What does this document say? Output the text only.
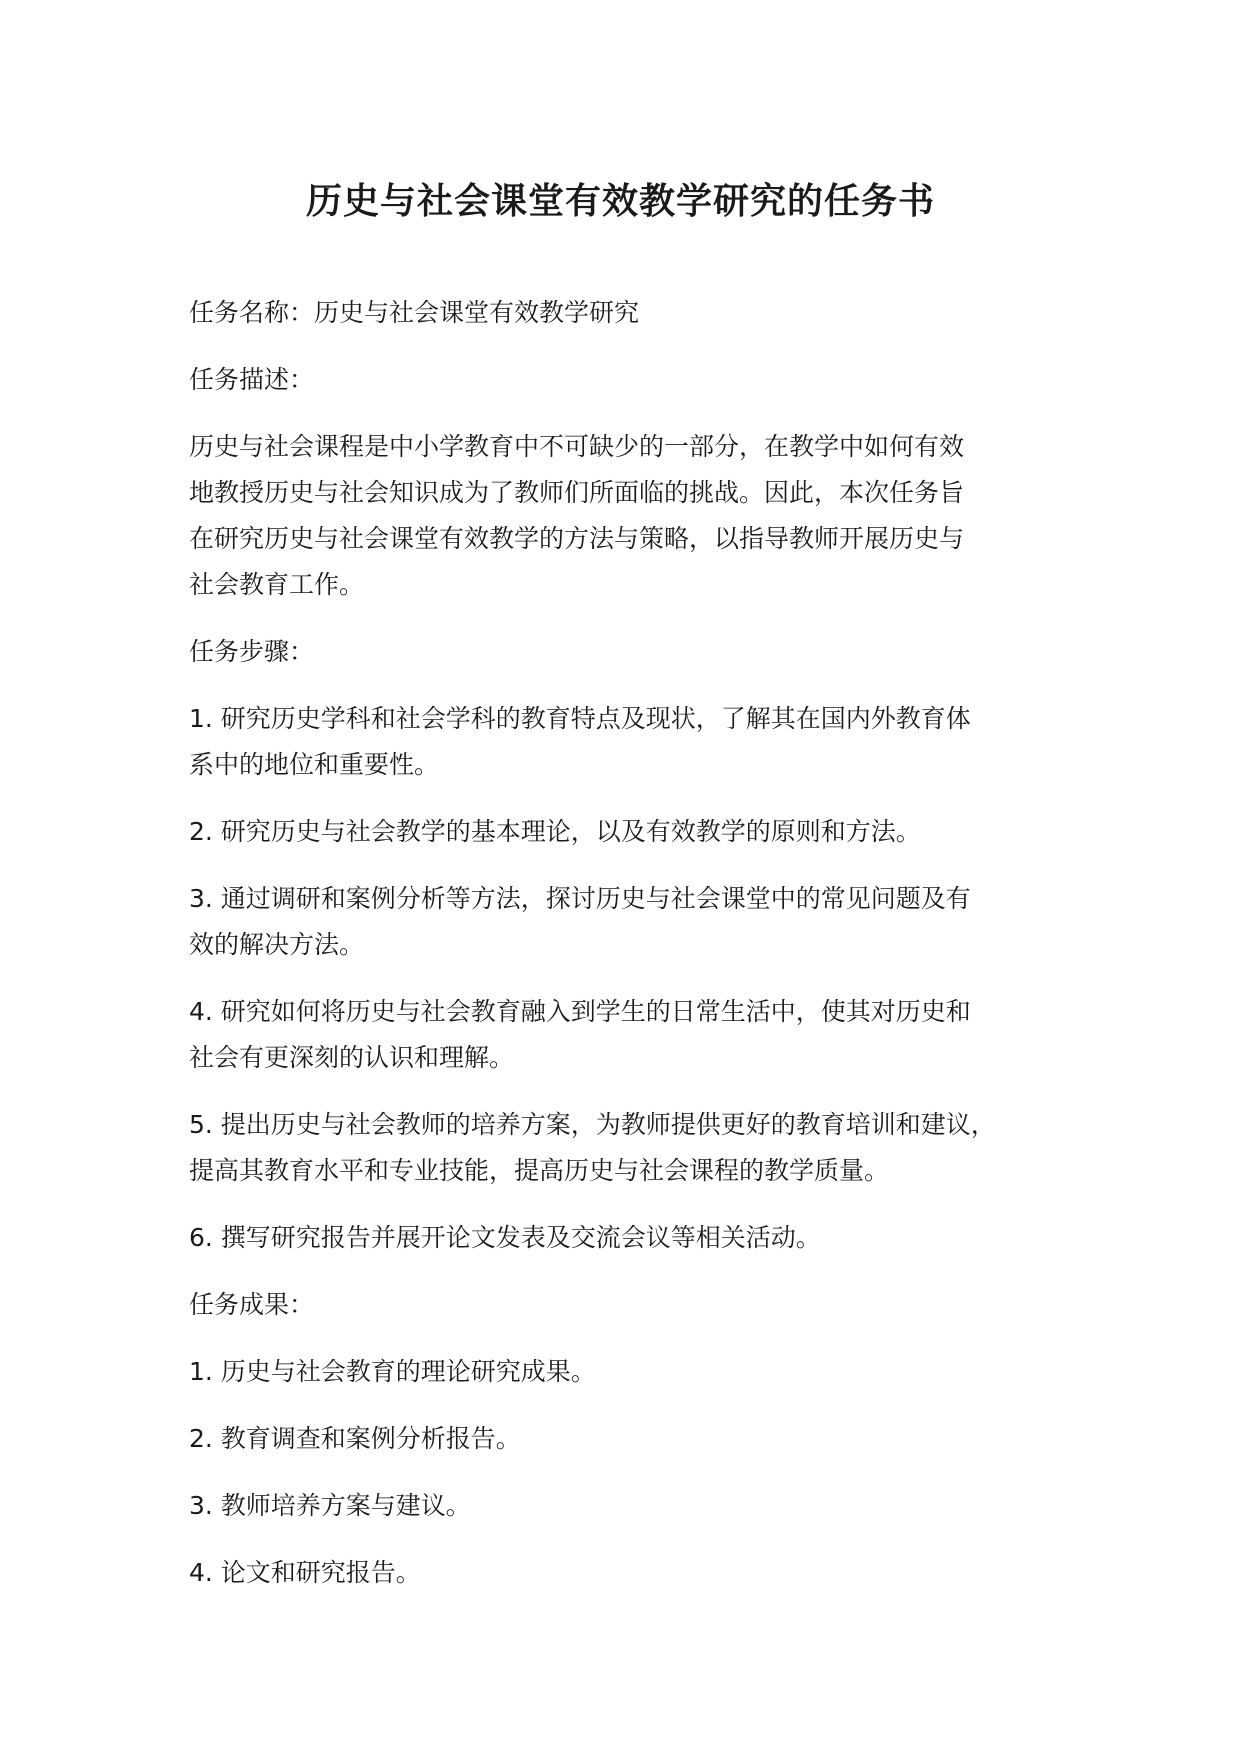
历史与社会课堂有效教学研究的任务书

任务名称：历史与社会课堂有效教学研究

任务描述：

历史与社会课程是中小学教育中不可缺少的一部分，在教学中如何有效
地教授历史与社会知识成为了教师们所面临的挑战。因此，本次任务旨
在研究历史与社会课堂有效教学的方法与策略，以指导教师开展历史与
社会教育工作。

任务步骤：

1. 研究历史学科和社会学科的教育特点及现状，了解其在国内外教育体
系中的地位和重要性。

2. 研究历史与社会教学的基本理论，以及有效教学的原则和方法。

3. 通过调研和案例分析等方法，探讨历史与社会课堂中的常见问题及有
效的解决方法。

4. 研究如何将历史与社会教育融入到学生的日常生活中，使其对历史和
社会有更深刻的认识和理解。

5. 提出历史与社会教师的培养方案，为教师提供更好的教育培训和建议，
提高其教育水平和专业技能，提高历史与社会课程的教学质量。

6. 撰写研究报告并展开论文发表及交流会议等相关活动。

任务成果：

1. 历史与社会教育的理论研究成果。

2. 教育调查和案例分析报告。

3. 教师培养方案与建议。

4. 论文和研究报告。
